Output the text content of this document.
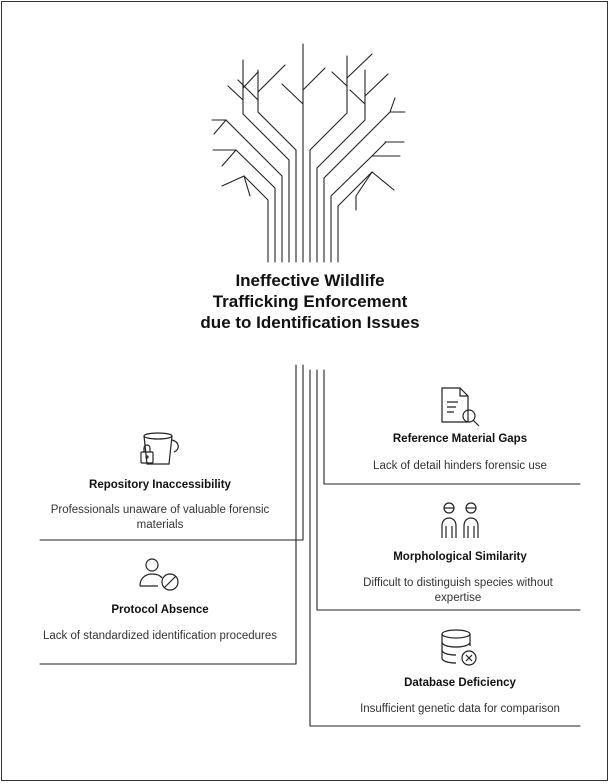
Ineffective Wildlife Trafficking Enforcement due to Identification Issues
Repository Inaccessibility
Professionals unaware of valuable forensic materials
Protocol Absence
Lack of standardized identification procedures
Reference Material Gaps
Lack of detail hinders forensic use
Morphological Similarity
Difficult to distinguish species without expertise
Database Deficiency
Insufficient genetic data for comparison
